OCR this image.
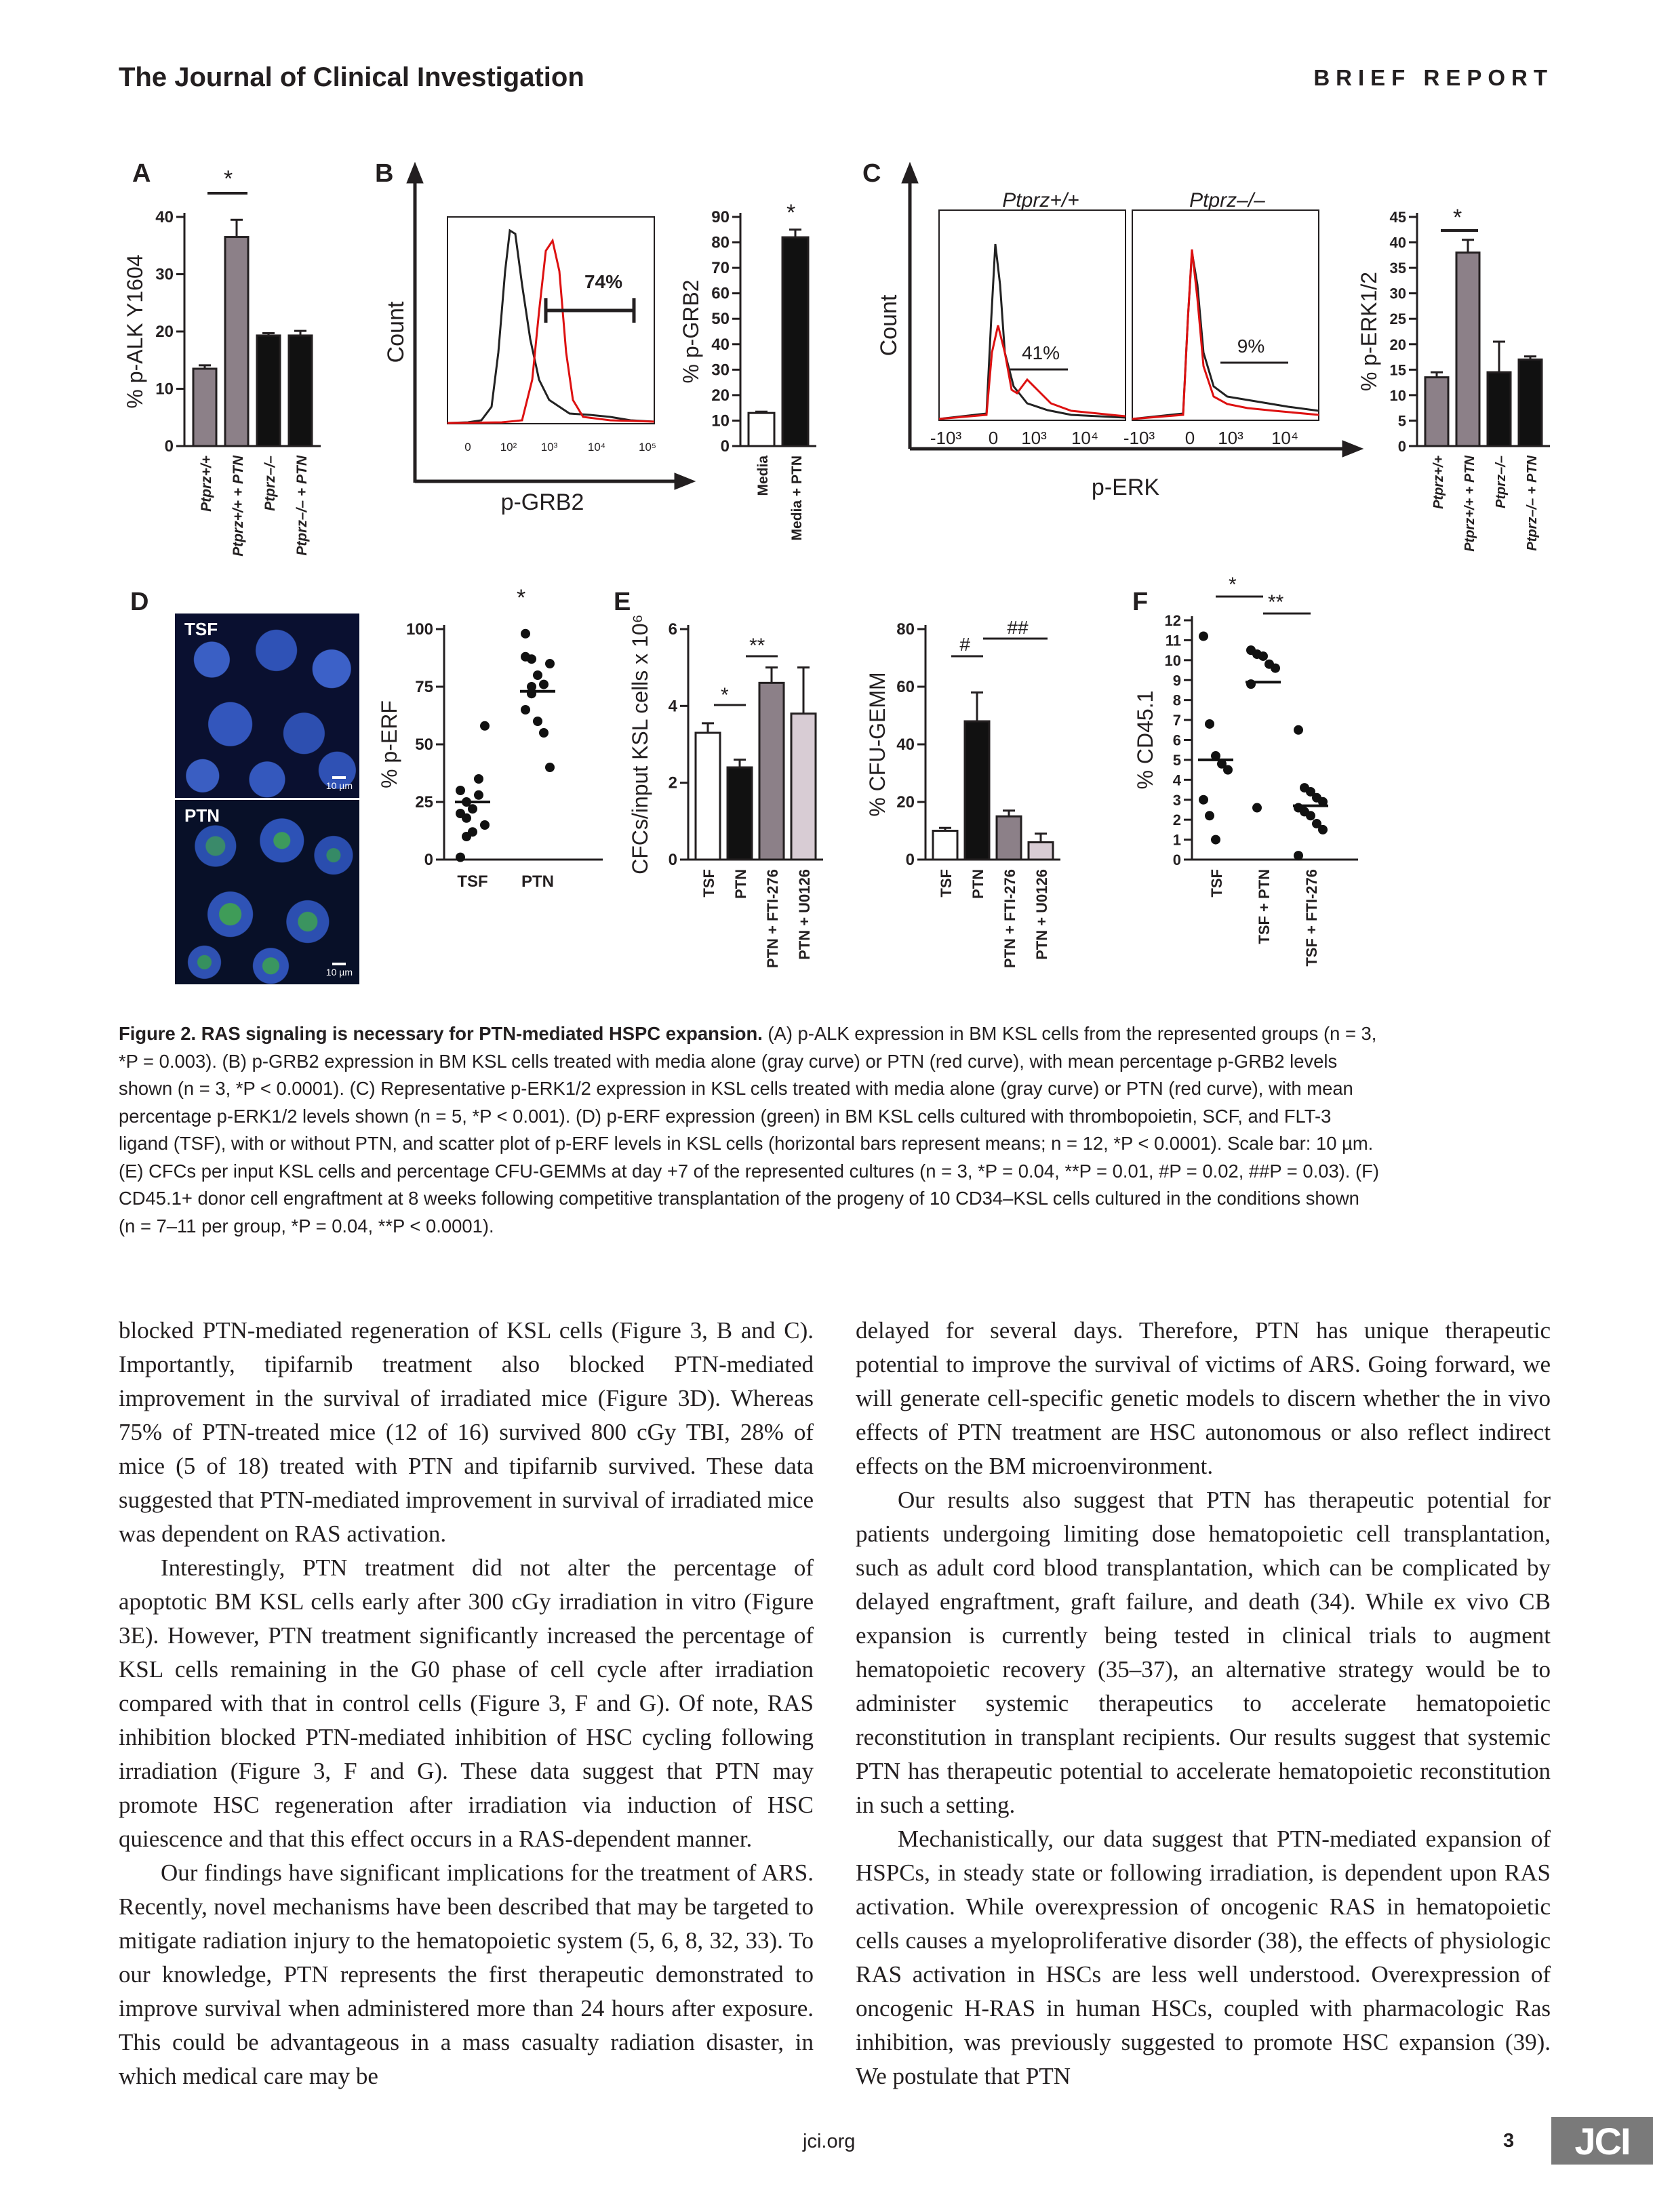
The Journal of Clinical Investigation	BRIEF REPORT
A	B	C
D	E	F
0
10
20
30
40
% p-ALK Y1604
Ptprz+/+ Ptprz+/+ + PTN Ptprz–/– Ptprz–/– + PTN
*
0
10
20
30
40
50
60
70
80
90
% p-GRB2
Media Media + PTN
*
0
5
10
15
20
25
30
35
40
45
% p-ERK1/2
Ptprz+/+ Ptprz+/+ + PTN Ptprz–/– Ptprz–/– + PTN
*
Count
p-GRB2
74%
0	10² 10³	10⁴	10⁵
Count
p-ERK
Ptprz+/+	Ptprz–/–
41%	9%
-10³ 0 10³ 10⁴ -10³ 0 10³ 10⁴
0
25
50
75
100
% p-ERF
TSF PTN
*
0
2
4
6
CFCs/input KSL cells x 10⁶
TSF PTN PTN + FTI-276 PTN + U0126
*
**
0
20
40
60
80
% CFU-GEMM
TSF PTN PTN + FTI-276 PTN + U0126
#
##
0
1
2
3
4
5
6
7
8
9
10
11
12
% CD45.1
TSF TSF + PTN TSF + FTI-276
*
**
TSF
10 µm
PTN
10 µm
Figure 2. RAS signaling is necessary for PTN-mediated HSPC expansion. (A) p-ALK expression in BM KSL cells from the represented groups (n = 3,
*P = 0.003). (B) p-GRB2 expression in BM KSL cells treated with media alone (gray curve) or PTN (red curve), with mean percentage p-GRB2 levels
shown (n = 3, *P < 0.0001). (C) Representative p-ERK1/2 expression in KSL cells treated with media alone (gray curve) or PTN (red curve), with mean
percentage p-ERK1/2 levels shown (n = 5, *P < 0.001). (D) p-ERF expression (green) in BM KSL cells cultured with thrombopoietin, SCF, and FLT-3
ligand (TSF), with or without PTN, and scatter plot of p-ERF levels in KSL cells (horizontal bars represent means; n = 12, *P < 0.0001). Scale bar: 10 µm.
(E) CFCs per input KSL cells and percentage CFU-GEMMs at day +7 of the represented cultures (n = 3, *P = 0.04, **P = 0.01, #P = 0.02, ##P = 0.03). (F)
CD45.1+ donor cell engraftment at 8 weeks following competitive transplantation of the progeny of 10 CD34–KSL cells cultured in the conditions shown
(n = 7–11 per group, *P = 0.04, **P < 0.0001).

blocked PTN-mediated regeneration of KSL cells (Figure 3, B and C). Importantly, tipifarnib treatment also blocked PTN-mediated improvement in the survival of irradiated mice (Figure 3D). Whereas 75% of PTN-treated mice (12 of 16) survived 800 cGy TBI, 28% of mice (5 of 18) treated with PTN and tipifarnib survived. These data suggested that PTN-mediated improvement in survival of irradiated mice was dependent on RAS activation.

Interestingly, PTN treatment did not alter the percentage of apoptotic BM KSL cells early after 300 cGy irradiation in vitro (Figure 3E). However, PTN treatment significantly increased the percentage of KSL cells remaining in the G0 phase of cell cycle after irradiation compared with that in control cells (Figure 3, F and G). Of note, RAS inhibition blocked PTN-mediated inhibition of HSC cycling following irradiation (Figure 3, F and G). These data suggest that PTN may promote HSC regeneration after irradiation via induction of HSC quiescence and that this effect occurs in a RAS-dependent manner.

Our findings have significant implications for the treatment of ARS. Recently, novel mechanisms have been described that may be targeted to mitigate radiation injury to the hematopoietic system (5, 6, 8, 32, 33). To our knowledge, PTN represents the first therapeutic demonstrated to improve survival when administered more than 24 hours after exposure. This could be advantageous in a mass casualty radiation disaster, in which medical care may be

delayed for several days. Therefore, PTN has unique therapeutic potential to improve the survival of victims of ARS. Going forward, we will generate cell-specific genetic models to discern whether the in vivo effects of PTN treatment are HSC autonomous or also reflect indirect effects on the BM microenvironment.

Our results also suggest that PTN has therapeutic potential for patients undergoing limiting dose hematopoietic cell transplantation, such as adult cord blood transplantation, which can be complicated by delayed engraftment, graft failure, and death (34). While ex vivo CB expansion is currently being tested in clinical trials to augment hematopoietic recovery (35–37), an alternative strategy would be to administer systemic therapeutics to accelerate hematopoietic reconstitution in transplant recipients. Our results suggest that systemic PTN has therapeutic potential to accelerate hematopoietic reconstitution in such a setting.

Mechanistically, our data suggest that PTN-mediated expansion of HSPCs, in steady state or following irradiation, is dependent upon RAS activation. While overexpression of oncogenic RAS in hematopoietic cells causes a myeloproliferative disorder (38), the effects of physiologic RAS activation in HSCs are less well understood. Overexpression of oncogenic H-RAS in human HSCs, coupled with pharmacologic Ras inhibition, was previously suggested to promote HSC expansion (39). We postulate that PTN

jci.org	3	JCI
